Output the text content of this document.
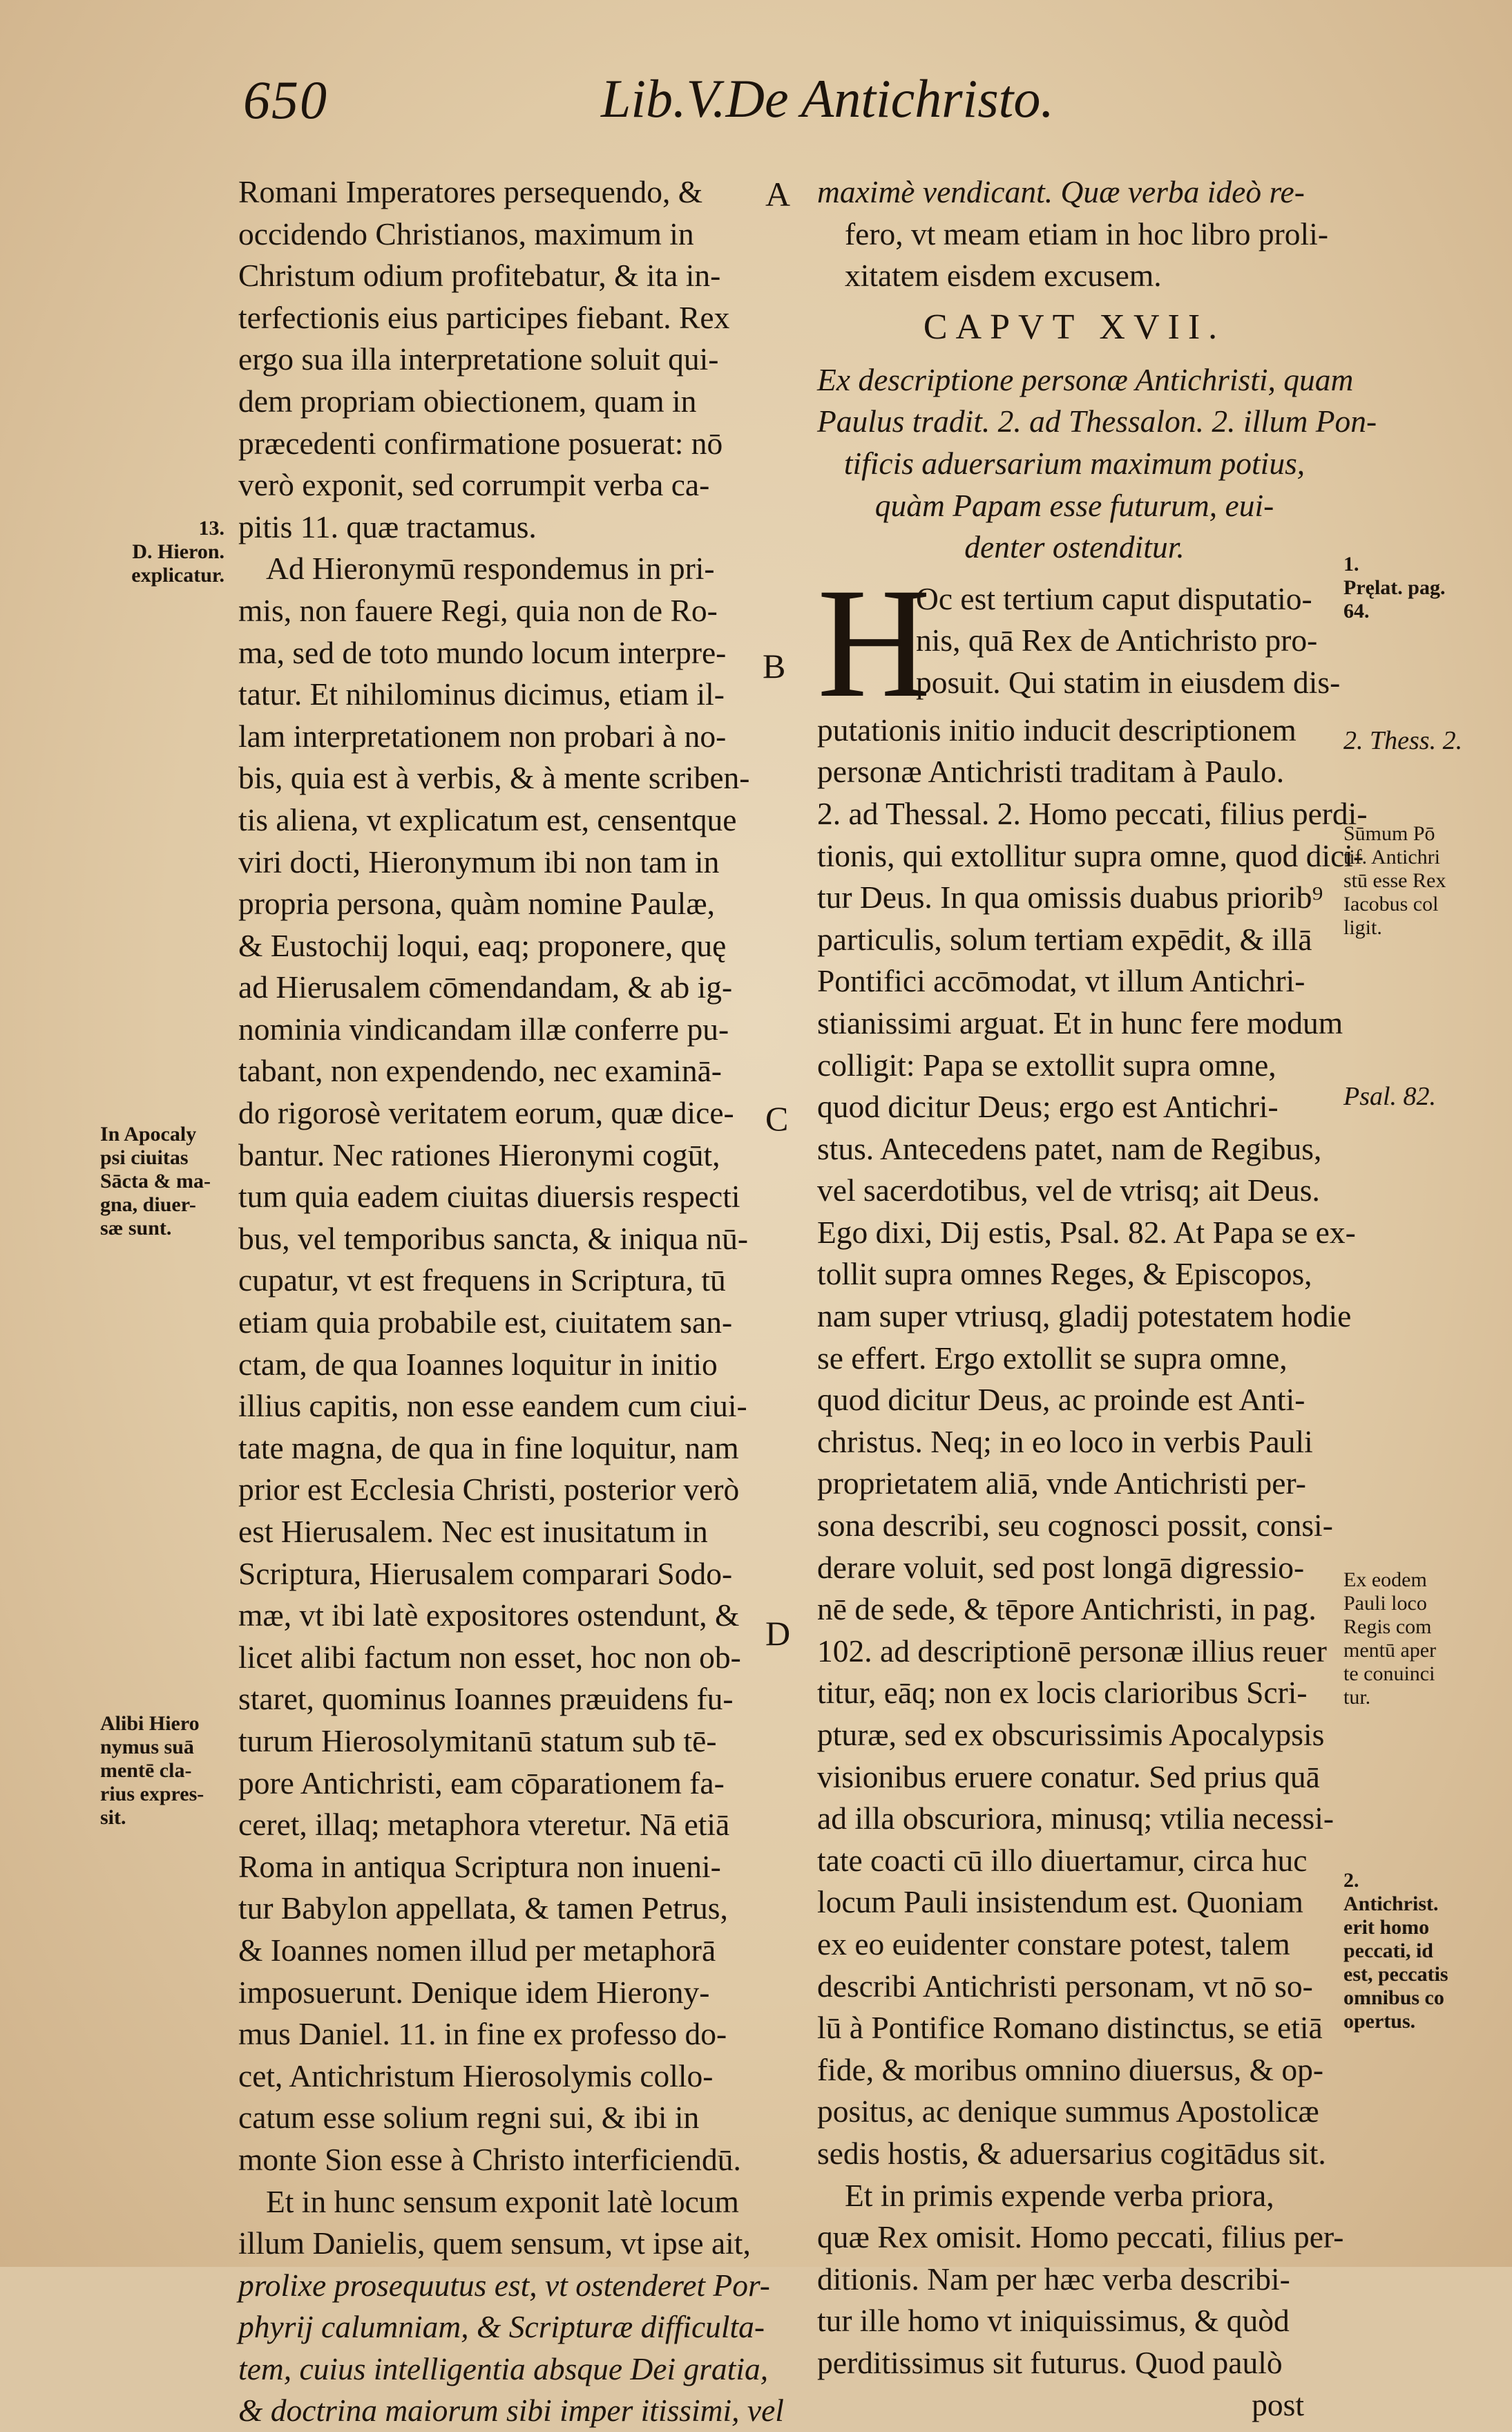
650	Lib.V.De Antichristo.
A
B
C
D
Romani Imperatores persequendo, &
occidendo Christianos, maximum in
Christum odium profitebatur, & ita in-
terfectionis eius participes fiebant. Rex
ergo sua illa interpretatione soluit qui-
dem propriam obiectionem, quam in
præcedenti confirmatione posuerat: nō
verò exponit, sed corrumpit verba ca-
pitis 11. quæ tractamus.
Ad Hieronymū respondemus in pri-
mis, non fauere Regi, quia non de Ro-
ma, sed de toto mundo locum interpre-
tatur. Et nihilominus dicimus, etiam il-
lam interpretationem non probari à no-
bis, quia est à verbis, & à mente scriben-
tis aliena, vt explicatum est, censentque
viri docti, Hieronymum ibi non tam in
propria persona, quàm nomine Paulæ,
& Eustochij loqui, eaq; proponere, quę
ad Hierusalem cōmendandam, & ab ig-
nominia vindicandam illæ conferre pu-
tabant, non expendendo, nec examinā-
do rigorosè veritatem eorum, quæ dice-
bantur. Nec rationes Hieronymi cogūt,
tum quia eadem ciuitas diuersis respecti
bus, vel temporibus sancta, & iniqua nū-
cupatur, vt est frequens in Scriptura, tū
etiam quia probabile est, ciuitatem san-
ctam, de qua Ioannes loquitur in initio
illius capitis, non esse eandem cum ciui-
tate magna, de qua in fine loquitur, nam
prior est Ecclesia Christi, posterior verò
est Hierusalem. Nec est inusitatum in
Scriptura, Hierusalem comparari Sodo-
mæ, vt ibi latè expositores ostendunt, &
licet alibi factum non esset, hoc non ob-
staret, quominus Ioannes præuidens fu-
turum Hierosolymitanū statum sub tē-
pore Antichristi, eam cōparationem fa-
ceret, illaq; metaphora vteretur. Nā etiā
Roma in antiqua Scriptura non inueni-
tur Babylon appellata, & tamen Petrus,
& Ioannes nomen illud per metaphorā
imposuerunt. Denique idem Hierony-
mus Daniel. 11. in fine ex professo do-
cet, Antichristum Hierosolymis collo-
catum esse solium regni sui, & ibi in
monte Sion esse à Christo interficiendū.
Et in hunc sensum exponit latè locum
illum Danielis, quem sensum, vt ipse ait,
prolixe prosequutus est, vt ostenderet Por-
phyrij calumniam, & Scripturæ difficulta-
tem, cuius intelligentia absque Dei gratia,
& doctrina maiorum sibi imper itissimi, vel
maximè vendicant. Quæ verba ideò re-
fero, vt meam etiam in hoc libro proli-
xitatem eisdem excusem.
CAPVT XVII.
Ex descriptione personæ Antichristi, quam
Paulus tradit. 2. ad Thessalon. 2. illum Pon-
tificis aduersarium maximum potius,
quàm Papam esse futurum, eui-
denter ostenditur.
H
Oc est tertium caput disputatio-
nis, quā Rex de Antichristo pro-
posuit. Qui statim in eiusdem dis-
putationis initio inducit descriptionem
personæ Antichristi traditam à Paulo.
2. ad Thessal. 2. Homo peccati, filius perdi-
tionis, qui extollitur supra omne, quod dici-
tur Deus. In qua omissis duabus priorib⁹
particulis, solum tertiam expēdit, & illā
Pontifici accōmodat, vt illum Antichri-
stianissimi arguat. Et in hunc fere modum
colligit: Papa se extollit supra omne,
quod dicitur Deus; ergo est Antichri-
stus. Antecedens patet, nam de Regibus,
vel sacerdotibus, vel de vtrisq; ait Deus.
Ego dixi, Dij estis, Psal. 82. At Papa se ex-
tollit supra omnes Reges, & Episcopos,
nam super vtriusq, gladij potestatem hodie
se effert. Ergo extollit se supra omne,
quod dicitur Deus, ac proinde est Anti-
christus. Neq; in eo loco in verbis Pauli
proprietatem aliā, vnde Antichristi per-
sona describi, seu cognosci possit, consi-
derare voluit, sed post longā digressio-
nē de sede, & tēpore Antichristi, in pag.
102. ad descriptionē personæ illius reuer
titur, eāq; non ex locis clarioribus Scri-
pturæ, sed ex obscurissimis Apocalypsis
visionibus eruere conatur. Sed prius quā
ad illa obscuriora, minusq; vtilia necessi-
tate coacti cū illo diuertamur, circa huc
locum Pauli insistendum est. Quoniam
ex eo euidenter constare potest, talem
describi Antichristi personam, vt nō so-
lū à Pontifice Romano distinctus, se etiā
fide, & moribus omnino diuersus, & op-
positus, ac denique summus Apostolicæ
sedis hostis, & aduersarius cogitādus sit.
Et in primis expende verba priora,
quæ Rex omisit. Homo peccati, filius per-
ditionis. Nam per hæc verba describi-
tur ille homo vt iniquissimus, & quòd
perditissimus sit futurus. Quod paulò
post
13.
D. Hieron.
explicatur.
In Apocaly
psi ciuitas
Sācta & ma-
gna, diuer-
sæ sunt.
Alibi Hiero
nymus suā
mentē cla-
rius expres-
sit.
1.
Pręlat. pag.
64.
2. Thess. 2.
Sūmum Pō
tif. Antichri
stū esse Rex
Iacobus col
ligit.
Psal. 82.
Ex eodem
Pauli loco
Regis com
mentū aper
te conuinci
tur.
2.
Antichrist.
erit homo
peccati, id
est, peccatis
omnibus co
opertus.
